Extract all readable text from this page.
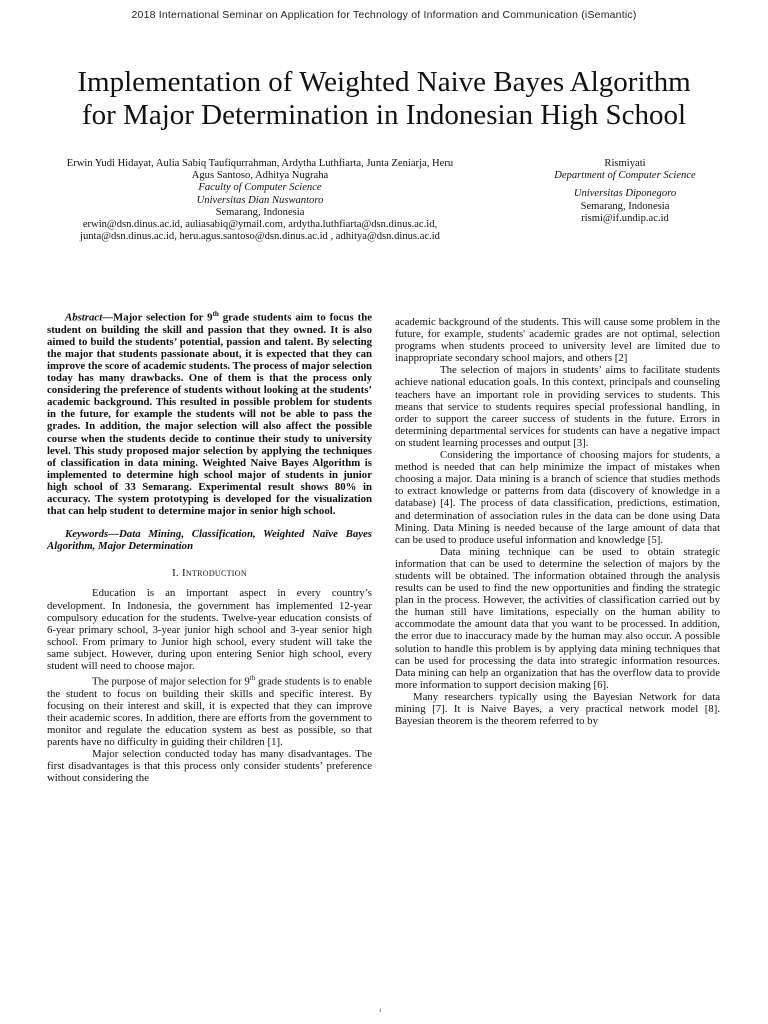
2018 International Seminar on Application for Technology of Information and Communication (iSemantic)
Implementation of Weighted Naive Bayes Algorithm
for Major Determination in Indonesian High School
Erwin Yudi Hidayat, Aulia Sabiq Taufiqurrahman, Ardytha Luthfiarta, Junta Zeniarja, Heru
Agus Santoso, Adhitya Nugraha
Faculty of Computer Science
Universitas Dian Nuswantoro
Semarang, Indonesia
erwin@dsn.dinus.ac.id, auliasabiq@ymail.com, ardytha.luthfiarta@dsn.dinus.ac.id,
junta@dsn.dinus.ac.id, heru.agus.santoso@dsn.dinus.ac.id , adhitya@dsn.dinus.ac.id
Rismiyati
Department of Computer Science
Universitas Diponegoro
Semarang, Indonesia
rismi@if.undip.ac.id

Abstract—Major selection for 9th grade students aim to focus the student on building the skill and passion that they owned. It is also aimed to build the students’ potential, passion and talent. By selecting the major that students passionate about, it is expected that they can improve the score of academic students. The process of major selection today has many drawbacks. One of them is that the process only considering the preference of students without looking at the students’ academic background. This resulted in possible problem for students in the future, for example the students will not be able to pass the grades. In addition, the major selection will also affect the possible course when the students decide to continue their study to university level. This study proposed major selection by applying the techniques of classification in data mining. Weighted Naive Bayes Algorithm is implemented to determine high school major of students in junior high school of 33 Semarang. Experimental result shows 80% in accuracy. The system prototyping is developed for the visualization that can help student to determine major in senior high school.

Keywords—Data Mining, Classification, Weighted Naïve Bayes Algorithm, Major Determination

I. Introduction

Education is an important aspect in every country’s development. In Indonesia, the government has implemented 12-year compulsory education for the students. Twelve-year education consists of 6-year primary school, 3-year junior high school and 3-year senior high school. From primary to Junior high school, every student will take the same subject. However, during upon entering Senior high school, every student will need to choose major.

The purpose of major selection for 9th grade students is to enable the student to focus on building their skills and specific interest. By focusing on their interest and skill, it is expected that they can improve their academic scores. In addition, there are efforts from the government to monitor and regulate the education system as best as possible, so that parents have no difficulty in guiding their children [1].

Major selection conducted today has many disadvantages. The first disadvantages is that this process only consider students’ preference without considering the

academic background of the students. This will cause some problem in the future, for example, students' academic grades are not optimal, selection programs when students proceed to university level are limited due to inappropriate secondary school majors, and others [2]

The selection of majors in students’ aims to facilitate students achieve national education goals. In this context, principals and counseling teachers have an important role in providing services to students. This means that service to students requires special professional handling, in order to support the career success of students in the future. Errors in determining departmental services for students can have a negative impact on student learning processes and output [3].

Considering the importance of choosing majors for students, a method is needed that can help minimize the impact of mistakes when choosing a major. Data mining is a branch of science that studies methods to extract knowledge or patterns from data (discovery of knowledge in a database) [4]. The process of data classification, predictions, estimation, and determination of association rules in the data can be done using Data Mining. Data Mining is needed because of the large amount of data that can be used to produce useful information and knowledge [5].

Data mining technique can be used to obtain strategic information that can be used to determine the selection of majors by the students will be obtained. The information obtained through the analysis results can be used to find the new opportunities and finding the strategic plan in the process. However, the activities of classification carried out by the human still have limitations, especially on the human ability to accommodate the amount data that you want to be processed. In addition, the error due to inaccuracy made by the human may also occur. A possible solution to handle this problem is by applying data mining techniques that can be used for processing the data into strategic information resources. Data mining can help an organization that has the overflow data to provide more information to support decision making [6].

Many researchers typically using the Bayesian Network for data mining [7]. It is Naive Bayes, a very practical network model [8]. Bayesian theorem is the theorem referred to by

¹
